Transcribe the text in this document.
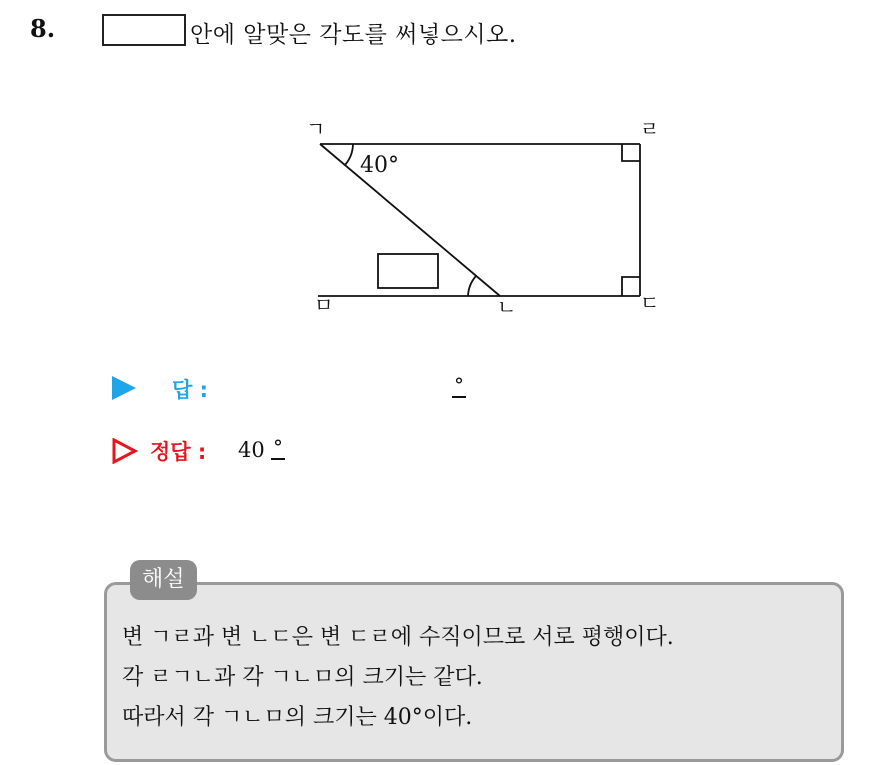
8.	안에 알맞은 각도를 써넣으시오.
ㄱ	ㄹ
ㄷ
ㄴ
ㅁ
40°
답 :	°
정답 : 40 °
해설
변 ㄱㄹ과 변 ㄴㄷ은 변 ㄷㄹ에 수직이므로 서로 평행이다.
각 ㄹㄱㄴ과 각 ㄱㄴㅁ의 크기는 같다.
따라서 각 ㄱㄴㅁ의 크기는 40°이다.
